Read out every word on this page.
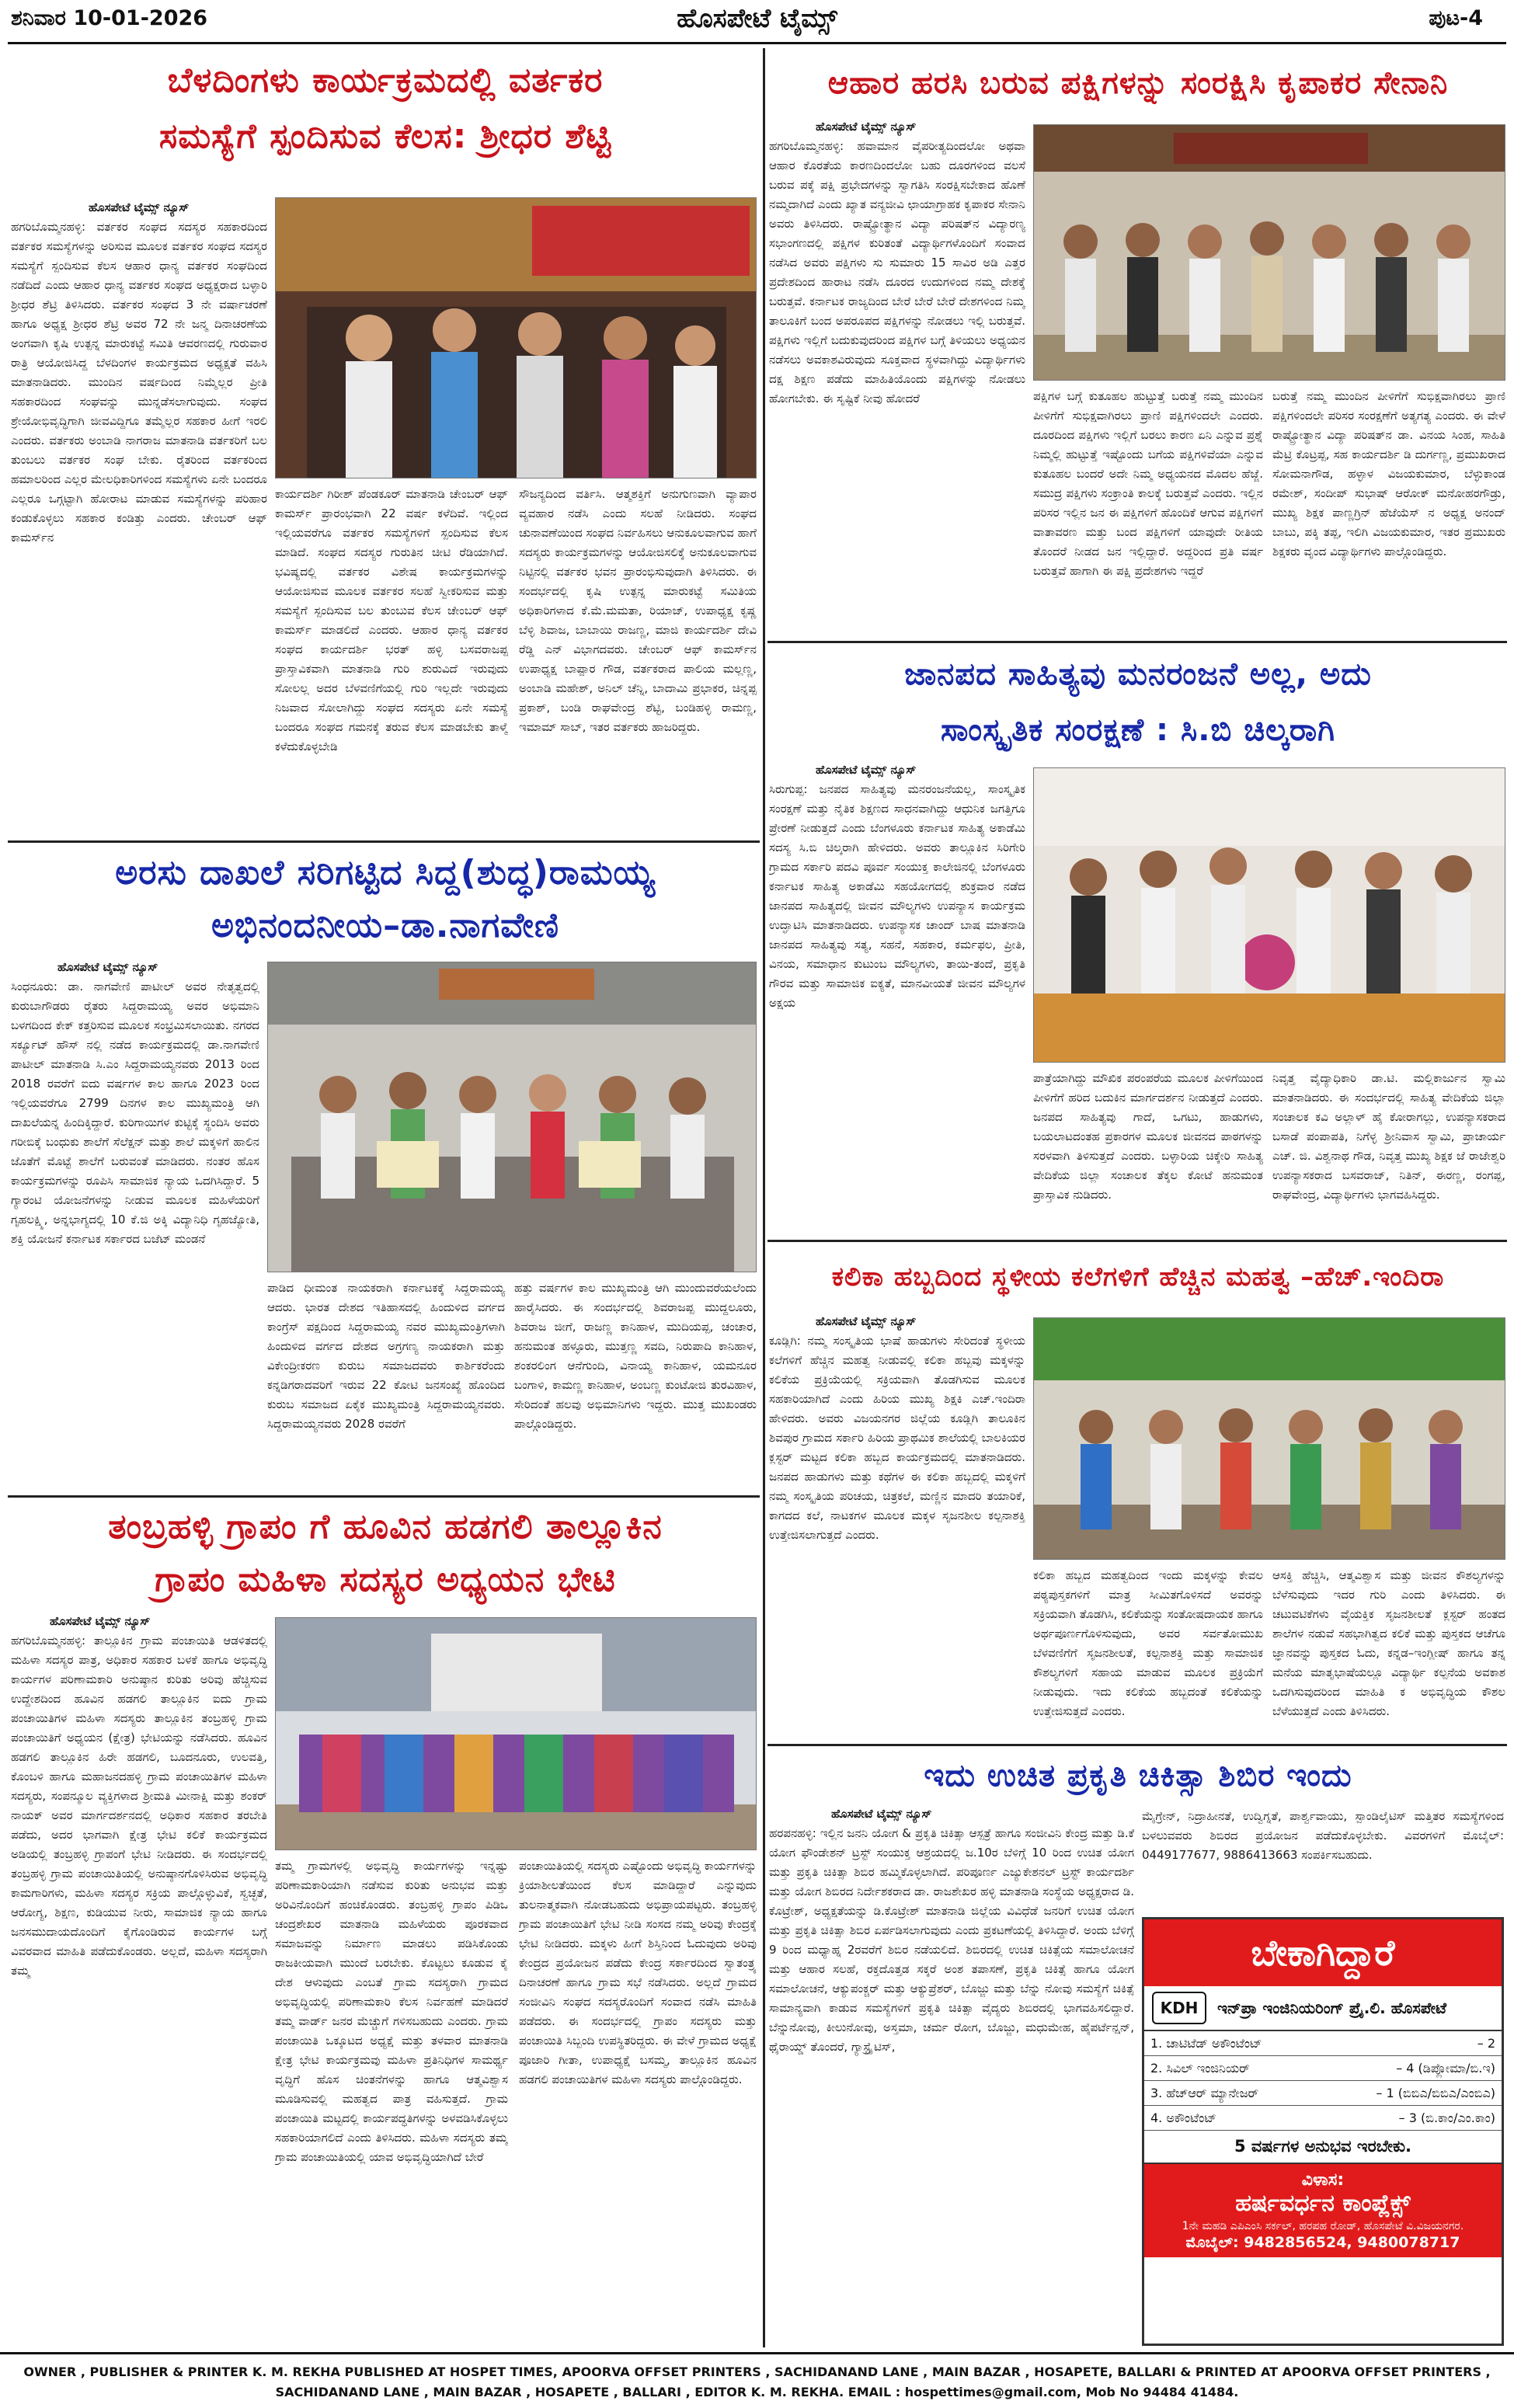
ಶನಿವಾರ 10-01-2026	ಹೊಸಪೇಟೆ ಟೈಮ್ಸ್	ಪುಟ-4
ಬೆಳದಿಂಗಳು ಕಾರ್ಯಕ್ರಮದಲ್ಲಿ ವರ್ತಕರ
ಸಮಸ್ಯೆಗೆ ಸ್ಪಂದಿಸುವ ಕೆಲಸ: ಶ್ರೀಧರ ಶೆಟ್ಟಿ
ಹೊಸಪೇಟೆ ಟೈಮ್ಸ್ ನ್ಯೂಸ್
ಹಗರಿಬೊಮ್ಮನಹಳ್ಳಿ: ವರ್ತಕರ ಸಂಘದ ಸದಸ್ಯರ ಸಹಕಾರದಿಂದ ವರ್ತಕರ ಸಮಸ್ಯೆಗಳನ್ನು ಅರಿಸುವ ಮೂಲಕ ವರ್ತಕರ ಸಂಘದ ಸದಸ್ಯರ ಸಮಸ್ಯೆಗೆ ಸ್ಪಂದಿಸುವ ಕೆಲಸ ಆಹಾರ ಧಾನ್ಯ ವರ್ತಕರ ಸಂಘದಿಂದ ನಡೆದಿದೆ ಎಂದು ಆಹಾರ ಧಾನ್ಯ ವರ್ತಕರ ಸಂಘದ ಅಧ್ಯಕ್ಷರಾದ ಬಳ್ಳಾರಿ ಶ್ರೀಧರ ಶೆಟ್ರಿ ತಿಳಿಸಿದರು. ವರ್ತಕರ ಸಂಘದ 3 ನೇ ವರ್ಷಾಚರಣೆ ಹಾಗೂ ಅಧ್ಯಕ್ಷ ಶ್ರೀಧರ ಶೆಟ್ರಿ ಅವರ 72 ನೇ ಜನ್ಮ ದಿನಾಚರಣೆಯ ಅಂಗವಾಗಿ ಕೃಷಿ ಉತ್ಪನ್ನ ಮಾರುಕಟ್ಟೆ ಸಮಿತಿ ಆವರಣದಲ್ಲಿ ಗುರುವಾರ ರಾತ್ರಿ ಆಯೋಜಿಸಿದ್ದ ಬೆಳದಿಂಗಳ ಕಾರ್ಯಕ್ರಮದ ಅಧ್ಯಕ್ಷತೆ ವಹಿಸಿ ಮಾತನಾಡಿದರು. ಮುಂದಿನ ವರ್ಷದಿಂದ ನಿಮ್ಮೆಲ್ಲರ ಪ್ರೀತಿ ಸಹಕಾರದಿಂದ ಸಂಘವನ್ನು ಮುನ್ನಡೆಸಲಾಗುವುದು. ಸಂಘದ ಶ್ರೇಯೋಭಿವೃದ್ಧಿಗಾಗಿ ಜೀವವಿದ್ದಿಗೂ ತಮ್ಮೆಲ್ಲರ ಸಹಕಾರ ಹೀಗೆ ಇರಲಿ ಎಂದರು. ವರ್ತಕರು ಅಂಬಾಡಿ ನಾಗರಾಜ ಮಾತನಾಡಿ ವರ್ತಕರಿಗೆ ಬಲ ತುಂಬಲು ವರ್ತಕರ ಸಂಘ ಬೇಕು. ರೈತರಿಂದ ವರ್ತಕರಿಂದ ಹಮಾಲರಿಂದ ಎಲ್ಲರ ಮೇಲಧಿಕಾರಿಗಳಿಂದ ಸಮಸ್ಯೆಗಳು ಏನೇ ಬಂದರೂ ಎಲ್ಲರೂ ಒಗ್ಗಟ್ಟಾಗಿ ಹೋರಾಟ ಮಾಡುವ ಸಮಸ್ಯೆಗಳನ್ನು ಪರಿಹಾರ ಕಂಡುಕೊಳ್ಳಲು ಸಹಕಾರ ಕಂಡಿತ್ತು ಎಂದರು. ಚೇಂಬರ್ ಆಫ್ ಕಾಮರ್ಸ್‌ನ
ಕಾರ್ಯದರ್ಶಿ ಗಿರೀಶ್ ಪೆಂಡಕೂರ್ ಮಾತನಾಡಿ ಚೇಂಬರ್ ಆಫ್ ಕಾಮರ್ಸ್ ಪ್ರಾರಂಭವಾಗಿ 22 ವರ್ಷ ಕಳೆದಿವೆ. ಇಲ್ಲಿಂದ ಇಲ್ಲಿಯವರೆಗೂ ವರ್ತಕರ ಸಮಸ್ಯೆಗಳಿಗೆ ಸ್ಪಂದಿಸುವ ಕೆಲಸ ಮಾಡಿದೆ. ಸಂಘದ ಸದಸ್ಯರ ಗುರುತಿನ ಚೀಟಿ ರೆಡಿಯಾಗಿದೆ. ಭವಿಷ್ಯದಲ್ಲಿ ವರ್ತಕರ ವಿಶೇಷ ಕಾರ್ಯಕ್ರಮಗಳನ್ನು ಆಯೋಜಿಸುವ ಮೂಲಕ ವರ್ತಕರ ಸಲಹೆ ಸ್ವೀಕರಿಸುವ ಮತ್ತು ಸಮಸ್ಯೆಗೆ ಸ್ಪಂದಿಸುವ ಬಲ ತುಂಬುವ ಕೆಲಸ ಚೇಂಬರ್ ಆಫ್ ಕಾಮರ್ಸ್ ಮಾಡಲಿದೆ ಎಂದರು. ಆಹಾರ ಧಾನ್ಯ ವರ್ತಕರ ಸಂಘದ ಕಾರ್ಯದರ್ಶಿ ಭರತ್ ಹಳ್ಳಿ ಬಸವರಾಜಪ್ಪ ಪ್ರಾಸ್ತಾವಿಕವಾಗಿ ಮಾತನಾಡಿ ಗುರಿ ಶುರುವಿದೆ ಇರುವುದು ಸೋಲಲ್ಲ ಅದರ ಬೆಳವಣಿಗೆಯಲ್ಲಿ ಗುರಿ ಇಲ್ಲದೇ ಇರುವುದು ನಿಜವಾದ ಸೋಲಾಗಿದ್ದು ಸಂಘದ ಸದಸ್ಯರು ಏನೇ ಸಮಸ್ಯೆ ಬಂದರೂ ಸಂಘದ ಗಮನಕ್ಕೆ ತರುವ ಕೆಲಸ ಮಾಡಬೇಕು ತಾಳ್ಮೆ ಕಳೆದುಕೊಳ್ಳಬೇಡಿ
ಸೌಜನ್ಯದಿಂದ ವರ್ತಿಸಿ. ಆತ್ಮಶಕ್ತಿಗೆ ಅನುಗುಣವಾಗಿ ವ್ಯಾಪಾರ ವ್ಯವಹಾರ ನಡೆಸಿ ಎಂದು ಸಲಹೆ ನೀಡಿದರು. ಸಂಘದ ಚುನಾವಣೆಯಿಂದ ಸಂಘದ ನಿರ್ವಹಿಸಲು ಆನುಕೂಲವಾಗುವ ಹಾಗೆ ಸದಸ್ಯರು ಕಾರ್ಯಕ್ರಮಗಳನ್ನು ಆಯೋಜಿಸಲಿಕ್ಕೆ ಅನುಕೂಲವಾಗುವ ನಿಟ್ಟಿನಲ್ಲಿ ವರ್ತಕರ ಭವನ ಪ್ರಾರಂಭಿಸುವುದಾಗಿ ತಿಳಿಸಿದರು. ಈ ಸಂದರ್ಭದಲ್ಲಿ ಕೃಷಿ ಉತ್ಪನ್ನ ಮಾರುಕಟ್ಟೆ ಸಮಿತಿಯ ಅಧಿಕಾರಿಗಳಾದ ಕೆ.ಮೆ.ಮಮತಾ, ರಿಯಾಜ್, ಉಪಾಧ್ಯಕ್ಷ ಕೃಷ್ಣ ಬೆಳ್ಳಿ ಶಿವಾಜ, ಬಾಬಾಯಿ ರಾಜಣ್ಣ, ಮಾಜಿ ಕಾರ್ಯದರ್ಶಿ ದೇವಿ ರೆಡ್ಡಿ ಎನ್ ವಿಭಾಗದವರು. ಚೇಂಬರ್ ಆಫ್ ಕಾಮರ್ಸ್‌ನ ಉಪಾಧ್ಯಕ್ಷ ಬಾಪ್ಪಾರ ಗೌಡ, ವರ್ತಕರಾದ ಪಾಲಿಯ ಮಲ್ಲಣ್ಣ, ಅಂಬಾಡಿ ಮಹೇಶ್, ಅನಿಲ್ ಚೆನ್ನಿ, ಬಾದಾಮಿ ಪ್ರಭಾಕರ, ಚಿನ್ನಪ್ಪ ಪ್ರಕಾಶ್, ಬಂಡಿ ರಾಘವೇಂದ್ರ ಶೆಟ್ಟಿ, ಬಂಡಿಹಳ್ಳಿ ರಾಮಣ್ಣ, ಇಮಾಮ್ ಸಾಬ್, ಇತರ ವರ್ತಕರು ಹಾಜರಿದ್ದರು.
ಅರಸು ದಾಖಲೆ ಸರಿಗಟ್ಟಿದ ಸಿದ್ದ(ಶುದ್ಧ)ರಾಮಯ್ಯ
ಅಭಿನಂದನೀಯ–ಡಾ.ನಾಗವೇಣಿ
ಹೊಸಪೇಟೆ ಟೈಮ್ಸ್ ನ್ಯೂಸ್
ಸಿಂಧನೂರು: ಡಾ. ನಾಗವೇಣಿ ಪಾಟೀಲ್ ಅವರ ನೇತೃತ್ವದಲ್ಲಿ ಕುರುಬಾಗೌಡರು ರೈತರು ಸಿದ್ದರಾಮಯ್ಯ ಅವರ ಅಭಿಮಾನಿ ಬಳಗದಿಂದ ಕೇಕ್ ಕತ್ತರಿಸುವ ಮೂಲಕ ಸಂಭ್ರಮಿಸಲಾಯಿತು. ನಗರದ ಸರ್ಕ್ಯೂಟ್ ಹೌಸ್ ನಲ್ಲಿ ನಡೆದ ಕಾರ್ಯಕ್ರಮದಲ್ಲಿ ಡಾ.ನಾಗವೇಣಿ ಪಾಟೀಲ್ ಮಾತನಾಡಿ ಸಿ.ಎಂ ಸಿದ್ದರಾಮಯ್ಯನವರು 2013 ರಿಂದ 2018 ರವರೆಗೆ ಐದು ವರ್ಷಗಳ ಕಾಲ ಹಾಗೂ 2023 ರಿಂದ ಇಲ್ಲಿಯವರೆಗೂ 2799 ದಿನಗಳ ಕಾಲ ಮುಖ್ಯಮಂತ್ರಿ ಆಗಿ ದಾಖಲೆಯನ್ನ ಹಿಂದಿಕ್ಕಿದ್ದಾರೆ. ಕುರಿಗಾಯಿಗಳ ಕುಟ್ಟಿಕ್ಕೆ ಸ್ಥಂದಿಸಿ ಅವರು ಗರೀಬಿಕ್ಕೆ ಬಂಧುಕು ಶಾಲೆಗೆ ಸೆಲೆಕ್ಷನ್ ಮತ್ತು ಶಾಲೆ ಮಕ್ಕಳಿಗೆ ಹಾಲಿನ ಜೊತೆಗೆ ಮೊಟ್ಟೆ ಶಾಲೆಗೆ ಬರುವಂತೆ ಮಾಡಿದರು. ನಂತರ ಹೊಸ ಕಾರ್ಯಕ್ರಮಗಳನ್ನು ರೂಪಿಸಿ ಸಾಮಾಜಿಕ ನ್ಯಾಯ ಒದಗಿಸಿದ್ದಾರೆ. 5 ಗ್ಯಾರಂಟಿ ಯೋಜನೆಗಳನ್ನು ನೀಡುವ ಮೂಲಕ ಮಹಿಳೆಯರಿಗೆ ಗೃಹಲಕ್ಷ್ಮಿ, ಅನ್ನಭಾಗ್ಯದಲ್ಲಿ 10 ಕೆ.ಜಿ ಅಕ್ಕಿ ವಿದ್ಯಾನಿಧಿ ಗೃಹಜ್ಯೋತಿ, ಶಕ್ತಿ ಯೋಜನೆ ಕರ್ನಾಟಕ ಸರ್ಕಾರದ ಬಜೆಟ್ ಮಂಡನೆ
ಪಾಡಿದ ಧೀಮಂತ ನಾಯಕರಾಗಿ ಕರ್ನಾಟಕಕ್ಕೆ ಸಿದ್ದರಾಮಯ್ಯ ಆದರು. ಭಾರತ ದೇಶದ ಇತಿಹಾಸದಲ್ಲಿ ಹಿಂದುಳಿದ ವರ್ಗದ ಕಾಂಗ್ರೆಸ್ ಪಕ್ಷದಿಂದ ಸಿದ್ದರಾಮಯ್ಯ ನವರ ಮುಖ್ಯಮಂತ್ರಿಗಳಾಗಿ ಹಿಂದುಳಿದ ವರ್ಗದ ದೇಶದ ಅಗ್ರಗಣ್ಯ ನಾಯಕರಾಗಿ ಮತ್ತು ವಿಕೇಂದ್ರೀಕರಣ ಕುರುಬ ಸಮಾಜದವರು ಕಾರ್ಶಿಕರೆಂದು ಕನ್ನಡಿಗರಾದವರಿಗೆ ಇರುವ 22 ಕೋಟಿ ಜನಸಂಖ್ಯೆ ಹೊಂದಿದ ಕುರುಬ ಸಮಾಜದ ಏಕೈಕ ಮುಖ್ಯಮಂತ್ರಿ ಸಿದ್ದರಾಮಯ್ಯನವರು. ಸಿದ್ದರಾಮಯ್ಯನವರು 2028 ರವರೆಗೆ
ಹತ್ತು ವರ್ಷಗಳ ಕಾಲ ಮುಖ್ಯಮಂತ್ರಿ ಆಗಿ ಮುಂದುವರೆಯಲೆಂದು ಹಾರೈಸಿದರು. ಈ ಸಂದರ್ಭದಲ್ಲಿ ಶಿವರಾಜಪ್ಪ ಮುದ್ದಲೂರು, ಶಿವರಾಜ ಜೀಗೆ, ರಾಜಣ್ಣ ಕಾನಿಹಾಳ, ಮುದಿಯಪ್ಪ, ಚಂಚಾರ, ಹನುಮಂತ ಹಳ್ಳೂರು, ಮುತ್ತಣ್ಣ ಸವದಿ, ನಿರುಪಾದಿ ಕಾನಿಹಾಳ, ಶಂಕರಲಿಂಗ ಆನೆಗುಂದಿ, ವಿನಾಯ್ಯ ಕಾನಿಹಾಳ, ಯಮನೂರ ಬಂಗಾಳಿ, ಕಾಮಣ್ಣ ಕಾನಿಹಾಳ, ಅಂಬಣ್ಣ ಕುಂಟೋಜಿ ತುರವಿಹಾಳ, ಸೇರಿದಂತೆ ಹಲವು ಅಭಿಮಾನಿಗಳು ಇದ್ದರು. ಮುತ್ತ ಮುಖಂಡರು ಪಾಲ್ಗೊಂಡಿದ್ದರು.
ತಂಬ್ರಹಳ್ಳಿ ಗ್ರಾಪಂ ಗೆ ಹೂವಿನ ಹಡಗಲಿ ತಾಲ್ಲೂಕಿನ
ಗ್ರಾಪಂ ಮಹಿಳಾ ಸದಸ್ಯರ ಅಧ್ಯಯನ ಭೇಟಿ
ಹೊಸಪೇಟೆ ಟೈಮ್ಸ್ ನ್ಯೂಸ್
ಹಗರಿಬೊಮ್ಮನಹಳ್ಳಿ: ತಾಲ್ಲೂಕಿನ ಗ್ರಾಮ ಪಂಚಾಯಿತಿ ಆಡಳಿತದಲ್ಲಿ ಮಹಿಳಾ ಸದಸ್ಯರ ಪಾತ್ರ, ಅಧಿಕಾರ ಸಹಕಾರ ಬಳಕೆ ಹಾಗೂ ಅಭಿವೃದ್ಧಿ ಕಾರ್ಯಗಳ ಪರಿಣಾಮಕಾರಿ ಅನುಷ್ಠಾನ ಕುರಿತು ಅರಿವು ಹೆಚ್ಚಿಸುವ ಉದ್ದೇಶದಿಂದ ಹೂವಿನ ಹಡಗಲಿ ತಾಲ್ಲೂಕಿನ ಐದು ಗ್ರಾಮ ಪಂಚಾಯಿತಿಗಳ ಮಹಿಳಾ ಸದಸ್ಯರು ತಾಲ್ಲೂಕಿನ ತಂಬ್ರಹಳ್ಳಿ ಗ್ರಾಮ ಪಂಚಾಯಿತಿಗೆ ಅಧ್ಯಯನ (ಕ್ಷೇತ್ರ) ಭೇಟಿಯನ್ನು ನಡೆಸಿದರು. ಹೂವಿನ ಹಡಗಲಿ ತಾಲ್ಲೂಕಿನ ಹಿರೇ ಹಡಗಲಿ, ಬೂದನೂರು, ಉಲವತ್ತಿ, ಕೊಂಬಳಿ ಹಾಗೂ ಮಹಾಜನದಹಳ್ಳಿ ಗ್ರಾಮ ಪಂಚಾಯಿತಿಗಳ ಮಹಿಳಾ ಸದಸ್ಯರು, ಸಂಪನ್ಮೂಲ ವ್ಯಕ್ತಿಗಳಾದ ಶ್ರೀಮತಿ ಮೀನಾಕ್ಷಿ ಮತ್ತು ಶಂಕರ್ ನಾಯಕ್ ಅವರ ಮಾರ್ಗದರ್ಶನದಲ್ಲಿ ಅಧಿಕಾರ ಸಹಕಾರ ತರಬೇತಿ ಪಡೆದು, ಅದರ ಭಾಗವಾಗಿ ಕ್ಷೇತ್ರ ಭೇಟಿ ಕಲಿಕೆ ಕಾರ್ಯಕ್ರಮದ ಅಡಿಯಲ್ಲಿ ತಂಬ್ರಹಳ್ಳಿ ಗ್ರಾಪಂಗೆ ಭೇಟಿ ನೀಡಿದರು. ಈ ಸಂದರ್ಭದಲ್ಲಿ ತಂಬ್ರಹಳ್ಳಿ ಗ್ರಾಮ ಪಂಚಾಯಿತಿಯಲ್ಲಿ ಅನುಷ್ಠಾನಗೊಳಿಸಿರುವ ಅಭಿವೃದ್ಧಿ ಕಾಮಗಾರಿಗಳು, ಮಹಿಳಾ ಸದಸ್ಯರ ಸಕ್ರಿಯ ಪಾಲ್ಗೊಳ್ಳುವಿಕೆ, ಸ್ವಚ್ಛತೆ, ಆರೋಗ್ಯ, ಶಿಕ್ಷಣ, ಕುಡಿಯುವ ನೀರು, ಸಾಮಾಜಿಕ ನ್ಯಾಯ ಹಾಗೂ ಜನಸಮುದಾಯದೊಂದಿಗೆ ಕೈಗೊಂಡಿರುವ ಕಾರ್ಯಗಳ ಬಗ್ಗೆ ವಿವರವಾದ ಮಾಹಿತಿ ಪಡೆದುಕೊಂಡರು. ಅಲ್ಲದೆ, ಮಹಿಳಾ ಸದಸ್ಯರಾಗಿ ತಮ್ಮ
ತಮ್ಮ ಗ್ರಾಮಗಳಲ್ಲಿ ಅಭಿವೃದ್ಧಿ ಕಾರ್ಯಗಳನ್ನು ಇನ್ನಷ್ಟು ಪರಿಣಾಮಕಾರಿಯಾಗಿ ನಡೆಸುವ ಕುರಿತು ಅನುಭವ ಮತ್ತು ಅರಿವಿನೊಂದಿಗೆ ಹಂಚಿಕೊಂಡರು. ತಂಬ್ರಹಳ್ಳಿ ಗ್ರಾಪಂ ಪಿಡಿಒ ಚಂದ್ರಶೇಖರ ಮಾತನಾಡಿ ಮಹಿಳೆಯರು ಪೂರಕವಾದ ಸಮಾಜವನ್ನು ನಿರ್ಮಾಣ ಮಾಡಲು ಪಡಿಸಿಕೊಂಡು ರಾಜಕೀಯವಾಗಿ ಮುಂದೆ ಬರಬೇಕು. ಕೊಟ್ಟಲು ಕೂಡುವ ಕೈ ದೇಶ ಆಳುವುದು ಎಂಬತೆ ಗ್ರಾಮ ಸದಸ್ಯರಾಗಿ ಗ್ರಾಮದ ಅಭಿವೃದ್ಧಿಯಲ್ಲಿ ಪರಿಣಾಮಕಾರಿ ಕೆಲಸ ನಿರ್ವಹಣೆ ಮಾಡಿದರೆ ತಮ್ಮ ವಾರ್ಡ್ ಜನರ ಮೆಚ್ಚುಗೆ ಗಳಿಸಬಹುದು ಎಂದರು. ಗ್ರಾಮ ಪಂಚಾಯಿತಿ ಒಕ್ಕೂಟದ ಅಧ್ಯಕ್ಷೆ ಮತ್ತು ತಳವಾರ ಮಾತನಾಡಿ ಕ್ಷೇತ್ರ ಭೇಟಿ ಕಾರ್ಯಕ್ರಮವು ಮಹಿಳಾ ಪ್ರತಿನಿಧಿಗಳ ಸಾಮರ್ಥ್ಯ ವೃದ್ಧಿಗೆ ಹೊಸ ಚಿಂತನೆಗಳನ್ನು ಹಾಗೂ ಆತ್ಮವಿಶ್ವಾಸ ಮೂಡಿಸುವಲ್ಲಿ ಮಹತ್ವದ ಪಾತ್ರ ವಹಿಸುತ್ತದೆ. ಗ್ರಾಮ ಪಂಚಾಯಿತಿ ಮಟ್ಟದಲ್ಲಿ ಕಾರ್ಯಪದ್ಧತಿಗಳನ್ನು ಅಳವಡಿಸಿಕೊಳ್ಳಲು ಸಹಕಾರಿಯಾಗಲಿದೆ ಎಂದು ತಿಳಿಸಿದರು. ಮಹಿಳಾ ಸದಸ್ಯರು ತಮ್ಮ ಗ್ರಾಮ ಪಂಚಾಯಿತಿಯಲ್ಲಿ ಯಾವ ಅಭಿವೃದ್ಧಿಯಾಗಿದೆ ಬೇರೆ
ಪಂಚಾಯಿತಿಯಲ್ಲಿ ಸದಸ್ಯರು ಎಷ್ಟೊಂದು ಅಭಿವೃದ್ಧಿ ಕಾರ್ಯಗಳನ್ನು ಕ್ರಿಯಾಶೀಲತೆಯಿಂದ ಕೆಲಸ ಮಾಡಿದ್ದಾರೆ ಎನ್ನುವುದು ತುಲನಾತ್ಮಕವಾಗಿ ನೋಡಬಹುದು ಅಭಿಪ್ರಾಯಪಟ್ಟರು. ತಂಬ್ರಹಳ್ಳಿ ಗ್ರಾಮ ಪಂಚಾಯಿತಿಗೆ ಭೇಟಿ ನೀಡಿ ಸಂಸದ ನಮ್ಮ ಅರಿವು ಕೇಂದ್ರಕ್ಕೆ ಭೇಟಿ ನೀಡಿದರು. ಮಕ್ಕಳು ಹೀಗೆ ಶಿಸ್ತಿನಿಂದ ಓದುವುದು ಅರಿವು ಕೇಂದ್ರದ ಪ್ರಯೋಜನ ಪಡೆದು ಕೇಂದ್ರ ಸರ್ಕಾರದಿಂದ ಸ್ವಾತಂತ್ರ್ಯ ದಿನಾಚರಣೆ ಹಾಗೂ ಗ್ರಾಮ ಸಭೆ ನಡೆಸಿದರು. ಅಲ್ಲದೆ ಗ್ರಾಮದ ಸಂಜೀವಿನಿ ಸಂಘದ ಸದಸ್ಯರೊಂದಿಗೆ ಸಂವಾದ ನಡೆಸಿ ಮಾಹಿತಿ ಪಡೆದರು. ಈ ಸಂದರ್ಭದಲ್ಲಿ ಗ್ರಾಪಂ ಸದಸ್ಯರು ಮತ್ತು ಪಂಚಾಯಿತಿ ಸಿಬ್ಬಂದಿ ಉಪಸ್ಥಿತರಿದ್ದರು. ಈ ವೇಳೆ ಗ್ರಾಮದ ಅಧ್ಯಕ್ಷೆ ಪೂಜಾರಿ ಗೀತಾ, ಉಪಾಧ್ಯಕ್ಷೆ ಬಸಮ್ಮ, ತಾಲ್ಲೂಕಿನ ಹೂವಿನ ಹಡಗಲಿ ಪಂಚಾಯಿತಿಗಳ ಮಹಿಳಾ ಸದಸ್ಯರು ಪಾಲ್ಗೊಂಡಿದ್ದರು.
ಆಹಾರ ಹರಸಿ ಬರುವ ಪಕ್ಷಿಗಳನ್ನು ಸಂರಕ್ಷಿಸಿ ಕೃಪಾಕರ ಸೇನಾನಿ
ಹೊಸಪೇಟೆ ಟೈಮ್ಸ್ ನ್ಯೂಸ್
ಹಗರಿಬೊಮ್ಮನಹಳ್ಳಿ: ಹವಾಮಾನ ವೈಪರೀತ್ಯದಿಂದಲೋ ಅಥವಾ ಆಹಾರ ಕೊರತೆಯ ಕಾರಣದಿಂದಲೋ ಬಹು ದೂರಗಳಿಂದ ವಲಸೆ ಬರುವ ಪಕ್ಕೆ ಪಕ್ಷಿ ಪ್ರಭೇದಗಳನ್ನು ಸ್ವಾಗತಿಸಿ ಸಂರಕ್ಷಿಸಬೇಕಾದ ಹೊಣೆ ನಮ್ಮದಾಗಿದೆ ಎಂದು ಖ್ಯಾತ ವನ್ಯಜೀವಿ ಛಾಯಾಗ್ರಾಹಕ ಕೃಪಾಕರ ಸೇನಾನಿ ಅವರು ತಿಳಿಸಿದರು. ರಾಷ್ಟ್ರೋತ್ಥಾನ ವಿದ್ಯಾ ಪರಿಷತ್‌ನ ವಿದ್ಯಾರಣ್ಯ ಸಭಾಂಗಣದಲ್ಲಿ ಪಕ್ಷಿಗಳ ಕುರಿತಂತೆ ವಿದ್ಯಾರ್ಥಿಗಳೊಂದಿಗೆ ಸಂವಾದ ನಡೆಸಿದ ಅವರು ಪಕ್ಷಿಗಳು ಸು ಸುಮಾರು 15 ಸಾವಿರ ಅಡಿ ಎತ್ತರ ಪ್ರದೇಶದಿಂದ ಹಾರಾಟ ನಡೆಸಿ ದೂರದ ಉದುಗಳಿಂದ ನಮ್ಮ ದೇಶಕ್ಕೆ ಬರುತ್ತವೆ. ಕರ್ನಾಟಕ ರಾಜ್ಯದಿಂದ ಬೇರೆ ಬೇರೆ ಬೇರೆ ದೇಶಗಳಿಂದ ನಿಮ್ಮ ತಾಲೂಕಿಗೆ ಬಂದ ಅಪರೂಪದ ಪಕ್ಷಿಗಳನ್ನು ನೋಡಲು ಇಲ್ಲಿ ಬರುತ್ತವೆ. ಪಕ್ಷಿಗಳು ಇಲ್ಲಿಗೆ ಬದುಕುವುದರಿಂದ ಪಕ್ಷಿಗಳ ಬಗ್ಗೆ ತಿಳಿಯಲು ಅಧ್ಯಯನ ನಡೆಸಲು ಅವಕಾಶವಿರುವುದು ಸೂಕ್ತವಾದ ಸ್ಥಳವಾಗಿದ್ದು ವಿದ್ಯಾರ್ಥಿಗಳು ದಕ್ಷ ಶಿಕ್ಷಣ ಪಡೆದು ಮಾಹಿತಿಯೊಂದು ಪಕ್ಷಿಗಳನ್ನು ನೋಡಲು ಹೋಗಬೇಕು. ಈ ಸೃಷ್ಟಿಕೆ ನೀವು ಹೋದರೆ	ಪಕ್ಷಿಗಳ ಬಗ್ಗೆ ಕುತೂಹಲ ಹುಟ್ಟುತ್ತೆ ಬರುತ್ತೆ ನಮ್ಮ ಮುಂದಿನ ಪೀಳಿಗೆಗೆ ಸುಭಿಕ್ಷವಾಗಿರಲು ಪ್ರಾಣಿ ಪಕ್ಷಿಗಳಿಂದಲೇ ಎಂದರು. ದೂರದಿಂದ ಪಕ್ಷಿಗಳು ಇಲ್ಲಿಗೆ ಬರಲು ಕಾರಣ ಏನಿ ಎನ್ನುವ ಪ್ರಶ್ನೆ ನಿಮ್ಮಲ್ಲಿ ಹುಟ್ಟುತ್ತೆ ಇಷ್ಟೊಂದು ಬಗೆಯ ಪಕ್ಷಿಗಳಿವೆಯಾ ಎನ್ನುವ ಕುತೂಹಲ ಬಂದರೆ ಅದೇ ನಿಮ್ಮ ಅಧ್ಯಯನದ ಮೊದಲ ಹೆಜ್ಜೆ. ಸಮುದ್ರ ಪಕ್ಷಿಗಳು ಸಂಕ್ರಾಂತಿ ಕಾಲಕ್ಕೆ ಬರುತ್ತವೆ ಎಂದರು. ಇಲ್ಲಿನ ಪರಿಸರ ಇಲ್ಲಿನ ಜನ ಈ ಪಕ್ಷಿಗಳಿಗೆ ಹೊಂದಿಕೆ ಆಗುವ ಪಕ್ಷಿಗಳಿಗೆ ವಾತಾವರಣ ಮತ್ತು ಬಂದ ಪಕ್ಷಿಗಳಿಗೆ ಯಾವುದೇ ರೀತಿಯ ತೊಂದರೆ ನೀಡದ ಜನ ಇಲ್ಲಿದ್ದಾರೆ. ಅದ್ದರಿಂದ ಪ್ರತಿ ವರ್ಷ ಬರುತ್ತವೆ ಹಾಗಾಗಿ ಈ ಪಕ್ಷಿ ಪ್ರದೇಶಗಳು ಇದ್ದರೆ
ಬರುತ್ತೆ ನಮ್ಮ ಮುಂದಿನ ಪೀಳಿಗೆಗೆ ಸುಭಿಕ್ಷವಾಗಿರಲು ಪ್ರಾಣಿ ಪಕ್ಷಿಗಳಿಂದಲೇ ಪರಿಸರ ಸಂರಕ್ಷಣೆಗೆ ಅತ್ಯಗತ್ಯ ಎಂದರು. ಈ ವೇಳೆ ರಾಷ್ಟ್ರೋತ್ಥಾನ ವಿದ್ಯಾ ಪರಿಷತ್‌ನ ಡಾ. ವಿನಯ ಸಿಂಹ, ಸಾಹಿತಿ ಮೆಟ್ರಿ ಕೊಟ್ರಪ್ಪ, ಸಹ ಕಾರ್ಯದರ್ಶಿ ಡಿ ದುರ್ಗಣ್ಣ, ಪ್ರಮುಖರಾದ ಸೋಮನಾಗೌಡ, ಹಳ್ಳಾಳ ವಿಜಯಕುಮಾರ, ಬೆಳ್ಳುಕಾಂಡ ರಮೇಶ್, ಸಂದೀಪ್ ಸುಭಾಷ್ ಆರೋಕ್ ಮನೋಹರಗೌಡ್ರು, ಮುಖ್ಯ ಶಿಕ್ಷಕ ಪಾಣ್ಣಗ್ರಿನ್ ಹೆಜೆಯೆಸ್ ನ ಅಧ್ಯಕ್ಷ ಅನಂದ್ ಬಾಬು, ಪಕ್ಕಿ ತಪ್ಪ, ಇಲಿಗಿ ವಿಜಯಕುಮಾರ, ಇತರ ಪ್ರಮುಖರು ಶಿಕ್ಷಕರು ವೃಂದ ವಿದ್ಯಾರ್ಥಿಗಳು ಪಾಲ್ಗೊಂಡಿದ್ದರು.
ಜಾನಪದ ಸಾಹಿತ್ಯವು ಮನರಂಜನೆ ಅಲ್ಲ, ಅದು
ಸಾಂಸ್ಕೃತಿಕ ಸಂರಕ್ಷಣೆ : ಸಿ.ಬಿ ಚಿಲ್ಕರಾಗಿ
ಹೊಸಪೇಟೆ ಟೈಮ್ಸ್ ನ್ಯೂಸ್
ಸಿರುಗುಪ್ಪ: ಜನಪದ ಸಾಹಿತ್ಯವು ಮನರಂಜನೆಯಲ್ಲ, ಸಾಂಸ್ಕೃತಿಕ ಸಂರಕ್ಷಣೆ ಮತ್ತು ನೈತಿಕ ಶಿಕ್ಷಣದ ಸಾಧನವಾಗಿದ್ದು ಆಧುನಿಕ ಜಗತ್ತಿಗೂ ಪ್ರೇರಣೆ ನೀಡುತ್ತದೆ ಎಂದು ಬೆಂಗಳೂರು ಕರ್ನಾಟಕ ಸಾಹಿತ್ಯ ಅಕಾಡೆಮಿ ಸದಸ್ಯ ಸಿ.ಬಿ ಚಿಲ್ಕರಾಗಿ ಹೇಳಿದರು. ಅವರು ತಾಲ್ಲೂಕಿನ ಸಿರಿಗೇರಿ ಗ್ರಾಮದ ಸರ್ಕಾರಿ ಪದವಿ ಪೂರ್ವ ಸಂಯುಕ್ತ ಕಾಲೇಜಿನಲ್ಲಿ ಬೆಂಗಳೂರು ಕರ್ನಾಟಕ ಸಾಹಿತ್ಯ ಅಕಾಡೆಮಿ ಸಹಯೋಗದಲ್ಲಿ ಶುಕ್ರವಾರ ನಡೆದ ಜಾನಪದ ಸಾಹಿತ್ಯದಲ್ಲಿ ಜೀವನ ಮೌಲ್ಯಗಳು ಉಪನ್ಯಾಸ ಕಾರ್ಯಕ್ರಮ ಉದ್ಘಾಟಿಸಿ ಮಾತನಾಡಿದರು. ಉಪನ್ಯಾಸಕ ಚಾಂದ್ ಬಾಷ ಮಾತನಾಡಿ ಜಾನಪದ ಸಾಹಿತ್ಯವು ಸತ್ಯ, ಸಹನೆ, ಸಹಕಾರ, ಕರ್ಮಫಲ, ಪ್ರೀತಿ, ವಿನಯ, ಸಮಾಧಾನ ಕುಟುಂಬ ಮೌಲ್ಯಗಳು, ತಾಯಿ-ತಂದೆ, ಪ್ರಕೃತಿ ಗೌರವ ಮತ್ತು ಸಾಮಾಜಿಕ ಐಕ್ಯತೆ, ಮಾನವೀಯತೆ ಜೀವನ ಮೌಲ್ಯಗಳ ಅಕ್ಷಯ
ಪಾತ್ರೆಯಾಗಿದ್ದು ಮೌಖಿಕ ಪರಂಪರೆಯ ಮೂಲಕ ಪೀಳಿಗೆಯಿಂದ ಪೀಳಿಗೆಗೆ ಹರಿದ ಬದುಕಿನ ಮಾರ್ಗದರ್ಶನ ನೀಡುತ್ತದೆ ಎಂದರು. ಜನಪದ ಸಾಹಿತ್ಯವು ಗಾದೆ, ಒಗಟು, ಹಾಡುಗಳು, ಬಯಲಾಟದಂತಹ ಪ್ರಕಾರಗಳ ಮೂಲಕ ಜೀವನದ ಪಾಠಗಳನ್ನು ಸರಳವಾಗಿ ತಿಳಿಸುತ್ತದೆ ಎಂದರು. ಬಳ್ಳಾರಿಯ ಚಿಕ್ಕೇರಿ ಸಾಹಿತ್ಯ ವೇದಿಕೆಯ ಜಿಲ್ಲಾ ಸಂಚಾಲಕ ತೆಕ್ಕಲ ಕೋಟೆ ಹನುಮಂತ ಪ್ರಾಸ್ತಾವಿಕ ನುಡಿದರು.
ನಿವೃತ್ತ ವೈದ್ಯಾಧಿಕಾರಿ ಡಾ.ಟಿ. ಮಲ್ಲಿಕಾರ್ಜುನ ಸ್ವಾಮಿ ಮಾತನಾಡಿದರು. ಈ ಸಂದರ್ಭದಲ್ಲಿ ಸಾಹಿತ್ಯ ವೇದಿಕೆಯ ಜಿಲ್ಲಾ ಸಂಚಾಲಕ ಕವಿ ಅಲ್ಲಾಳ್ ಹೈ ಕೋರಾಗಲ್ಲು, ಉಪನ್ಯಾಸಕರಾದ ಬಸಾಡೆ ಪಂಪಾಪತಿ, ನಿಗೆಳ್ಳ ಶ್ರೀನಿವಾಸ ಸ್ವಾಮಿ, ಪ್ರಾಚಾರ್ಯ ಎಚ್. ಜಿ. ವಿಶ್ವನಾಥ ಗೌಡ, ನಿವೃತ್ತ ಮುಖ್ಯ ಶಿಕ್ಷಕ ಜೆ ರಾಜೇಶ್ವರಿ ಉಪನ್ಯಾಸಕರಾದ ಬಸವರಾಜ್, ನಿತಿನ್, ಈರಣ್ಣ, ರಂಗಪ್ಪ, ರಾಘವೇಂದ್ರ, ವಿದ್ಯಾರ್ಥಿಗಳು ಭಾಗವಹಿಸಿದ್ದರು.
ಕಲಿಕಾ ಹಬ್ಬದಿಂದ ಸ್ಥಳೀಯ ಕಲೆಗಳಿಗೆ ಹೆಚ್ಚಿನ ಮಹತ್ವ –ಹೆಚ್.ಇಂದಿರಾ
ಹೊಸಪೇಟೆ ಟೈಮ್ಸ್ ನ್ಯೂಸ್
ಕೂಡ್ಲಿಗಿ: ನಮ್ಮ ಸಂಸ್ಕೃತಿಯ ಭಾಷೆ ಹಾಡುಗಳು ಸೇರಿದಂತೆ ಸ್ಥಳೀಯ ಕಲೆಗಳಿಗೆ ಹೆಚ್ಚಿನ ಮಹತ್ವ ನೀಡುವಲ್ಲಿ ಕಲಿಕಾ ಹಬ್ಬವು ಮಕ್ಕಳನ್ನು ಕಲಿಕೆಯ ಪ್ರಕ್ರಿಯೆಯಲ್ಲಿ ಸಕ್ರಿಯವಾಗಿ ತೊಡಗಿಸುವ ಮೂಲಕ ಸಹಕಾರಿಯಾಗಿದೆ ಎಂದು ಹಿರಿಯ ಮುಖ್ಯ ಶಿಕ್ಷಕಿ ಎಚ್.ಇಂದಿರಾ ಹೇಳಿದರು. ಅವರು ವಿಜಯನಗರ ಜಿಲ್ಲೆಯ ಕೂಡ್ಲಿಗಿ ತಾಲೂಕಿನ ಶಿವಪುರ ಗ್ರಾಮದ ಸರ್ಕಾರಿ ಹಿರಿಯ ಪ್ರಾಥಮಿಕ ಶಾಲೆಯಲ್ಲಿ ಬಾಲಕಿಯರ ಕ್ಲಸ್ಟರ್ ಮಟ್ಟದ ಕಲಿಕಾ ಹಬ್ಬದ ಕಾರ್ಯಕ್ರಮದಲ್ಲಿ ಮಾತನಾಡಿದರು. ಜನಪದ ಹಾಡುಗಳು ಮತ್ತು ಕಥೆಗಳ ಈ ಕಲಿಕಾ ಹಬ್ಬದಲ್ಲಿ ಮಕ್ಕಳಿಗೆ ನಮ್ಮ ಸಂಸ್ಕೃತಿಯ ಪರಿಚಯ, ಚಿತ್ರಕಲೆ, ಮಣ್ಣಿನ ಮಾದರಿ ತಯಾರಿಕೆ, ಕಾಗದದ ಕಲೆ, ನಾಟಕಗಳ ಮೂಲಕ ಮಕ್ಕಳ ಸೃಜನಶೀಲ ಕಲ್ಪನಾಶಕ್ತಿ ಉತ್ತೇಜಿಸಲಾಗುತ್ತದೆ ಎಂದರು.
ಕಲಿಕಾ ಹಬ್ಬದ ಮಹತ್ವದಿಂದ ಇಂದು ಮಕ್ಕಳನ್ನು ಕೇವಲ ಪಠ್ಯಪುಸ್ತಕಗಳಿಗೆ ಮಾತ್ರ ಸೀಮಿತಗೊಳಿಸದೆ ಅವರನ್ನು ಸಕ್ರಿಯವಾಗಿ ತೊಡಗಿಸಿ, ಕಲಿಕೆಯನ್ನು ಸಂತೋಷದಾಯಕ ಹಾಗೂ ಅರ್ಥಪೂರ್ಣಗೊಳಿಸುವುದು, ಅವರ ಸರ್ವತೋಮುಖ ಬೆಳವಣಿಗೆಗೆ ಸೃಜನಶೀಲತೆ, ಕಲ್ಪನಾಶಕ್ತಿ ಮತ್ತು ಸಾಮಾಜಿಕ ಕೌಶಲ್ಯಗಳಿಗೆ ಸಹಾಯ ಮಾಡುವ ಮೂಲಕ ಪ್ರಕ್ರಿಯೆಗೆ ನೀಡುವುದು. ಇದು ಕಲಿಕೆಯ ಹಬ್ಬದಂತೆ ಕಲಿಕೆಯನ್ನು ಉತ್ತೇಜಿಸುತ್ತದೆ ಎಂದರು.
ಆಸಕ್ತಿ ಹೆಚ್ಚಿಸಿ, ಆತ್ಮವಿಶ್ವಾಸ ಮತ್ತು ಜೀವನ ಕೌಶಲ್ಯಗಳನ್ನು ಬೆಳೆಸುವುದು ಇದರ ಗುರಿ ಎಂದು ತಿಳಿಸಿದರು. ಈ ಚಟುವಟಿಕೆಗಳು ವೈಯಕ್ತಿಕ ಸೃಜನಶೀಲತೆ ಕ್ಲಸ್ಟರ್ ಹಂತದ ಶಾಲೆಗಳ ನಡುವೆ ಸಹಭಾಗಿತ್ವದ ಕಲಿಕೆ ಮತ್ತು ಪುಸ್ತಕದ ಆಚೆಗೂ ಜ್ಞಾನವನ್ನು ಪುಸ್ತಕದ ಓದು, ಕನ್ನಡ–ಇಂಗ್ಲೀಷ್ ಹಾಗೂ ತನ್ನ ಮನೆಯ ಮಾತೃಭಾಷೆಯಲ್ಲೂ ವಿದ್ಯಾರ್ಥಿ ಕಲ್ಪನೆಯ ಅವಕಾಶ ಒದಗಿಸುವುದರಿಂದ ಮಾಹಿತಿ ಕ ಅಭಿವೃದ್ಧಿಯ ಕೌಶಲ ಬೆಳೆಯುತ್ತದೆ ಎಂದು ತಿಳಿಸಿದರು.
ಇದು ಉಚಿತ ಪ್ರಕೃತಿ ಚಿಕಿತ್ಸಾ ಶಿಬಿರ ಇಂದು
ಹೊಸಪೇಟೆ ಟೈಮ್ಸ್ ನ್ಯೂಸ್
ಹರಪನಹಳ್ಳಿ: ಇಲ್ಲಿನ ಜನನಿ ಯೋಗ & ಪ್ರಕೃತಿ ಚಿಕಿತ್ಸಾ ಆಸ್ಪತ್ರೆ ಹಾಗೂ ಸಂಜೀವಿನಿ ಕೇಂದ್ರ ಮತ್ತು ಡಿ.ಕೆ ಯೋಗ ಫೌಂಡೇಶನ್ ಟ್ರಸ್ಟ್ ಸಂಯುಕ್ತ ಆಶ್ರಯದಲ್ಲಿ ಜ.10ರ ಬೆಳಿಗ್ಗೆ 10 ರಿಂದ ಉಚಿತ ಯೋಗ ಮತ್ತು ಪ್ರಕೃತಿ ಚಿಕಿತ್ಸಾ ಶಿಬಿರ ಹಮ್ಮಿಕೊಳ್ಳಲಾಗಿದೆ. ಪರಿಪೂರ್ಣ ಎಜ್ಯುಕೇಶನಲ್ ಟ್ರಸ್ಟ್ ಕಾರ್ಯದರ್ಶಿ ಮತ್ತು ಯೋಗ ಶಿಬಿರದ ನಿರ್ದೇಶಕರಾದ ಡಾ. ರಾಜಶೇಖರ ಹಳ್ಳಿ ಮಾತನಾಡಿ ಸಂಸ್ಥೆಯ ಅಧ್ಯಕ್ಷರಾದ ಡಿ. ಕೊಟ್ರೇಶ್, ಅಧ್ಯಕ್ಷತೆಯನ್ನು ಡಿ.ಕೊಟ್ರೇಶ್ ಮಾತನಾಡಿ ಜಿಲ್ಲೆಯ ವಿವಿಧೆಡೆ ಜನರಿಗೆ ಉಚಿತ ಯೋಗ ಮತ್ತು ಪ್ರಕೃತಿ ಚಿಕಿತ್ಸಾ ಶಿಬಿರ ಏರ್ಪಡಿಸಲಾಗುವುದು ಎಂದು ಪ್ರಕಟಣೆಯಲ್ಲಿ ತಿಳಿಸಿದ್ದಾರೆ. ಅಂದು ಬೆಳಿಗ್ಗೆ 9 ರಿಂದ ಮಧ್ಯಾಹ್ನ 2ರವರೆಗೆ ಶಿಬಿರ ನಡೆಯಲಿದೆ. ಶಿಬಿರದಲ್ಲಿ ಉಚಿತ ಚಿಕಿತ್ಸೆಯ ಸಮಾಲೋಚನೆ ಮತ್ತು ಆಹಾರ ಸಲಹೆ, ರಕ್ತದೊತ್ತಡ ಸಕ್ಕರೆ ಅಂಶ ತಪಾಸಣೆ, ಪ್ರಕೃತಿ ಚಿಕಿತ್ಸೆ ಹಾಗೂ ಯೋಗ ಸಮಾಲೋಚನೆ, ಆಕ್ಯುಪಂಕ್ಚರ್ ಮತ್ತು ಆಕ್ಯುಪ್ರೆಶರ್, ಬೊಜ್ಜು ಮತ್ತು ಬೆನ್ನು ನೋವು ಸಮಸ್ಯೆಗೆ ಚಿಕಿತ್ಸೆ ಸಾಮಾನ್ಯವಾಗಿ ಕಾಡುವ ಸಮಸ್ಯೆಗಳಿಗೆ ಪ್ರಕೃತಿ ಚಿಕಿತ್ಸಾ ವೈದ್ಯರು ಶಿಬಿರದಲ್ಲಿ ಭಾಗವಹಿಸಲಿದ್ದಾರೆ. ಬೆನ್ನುನೋವು, ಕೀಲುನೋವು, ಅಸ್ತಮಾ, ಚರ್ಮ ರೋಗ, ಬೊಜ್ಜು, ಮಧುಮೇಹ, ಹೈಪರ್ಟೆನ್ಷನ್, ಥೈರಾಯ್ಡ್ ತೊಂದರೆ, ಗ್ಯಾಸ್ಟ್ರೈಟಿಸ್,
ಮೈಗ್ರೇನ್, ನಿದ್ರಾಹೀನತೆ, ಉದ್ವಿಗ್ನತೆ, ಪಾರ್ಶ್ವವಾಯು, ಸ್ಪಾಂಡಿಲೈಟಿಸ್ ಮತ್ತಿತರ ಸಮಸ್ಯೆಗಳಿಂದ ಬಳಲುವವರು ಶಿಬಿರದ ಪ್ರಯೋಜನ ಪಡೆದುಕೊಳ್ಳಬೇಕು. ವಿವರಗಳಿಗೆ ಮೊಬೈಲ್: 0449177677, 9886413663 ಸಂಪರ್ಕಿಸಬಹುದು.
ಬೇಕಾಗಿದ್ದಾರೆ
KDH	ಇನ್‌ಪ್ರಾ ಇಂಜಿನಿಯರಿಂಗ್ ಪ್ರೈ.ಲಿ. ಹೊಸಪೇಟೆ
1. ಚಾಟಿಟೆಡ್ ಅಕೌಂಟೆಂಟ್	– 2
2. ಸಿವಿಲ್ ಇಂಜಿನಿಯರ್	– 4 (ಡಿಪ್ಲೋಮಾ/ಬಿ.ಇ)
3. ಹೆಚ್‌ಆರ್ ಮ್ಯಾನೇಜರ್	– 1 (ಬಿಬಿಎ/ಬಿಬಿಎ/ಎಂಬಿಎ)
4. ಅಕೌಂಟೆಂಟ್	– 3 (ಬಿ.ಕಾಂ/ಎಂ.ಕಾಂ)
5 ವರ್ಷಗಳ ಅನುಭವ ಇರಬೇಕು.
ವಿಳಾಸ:
ಹರ್ಷವರ್ಧನ ಕಾಂಪ್ಲೆಕ್ಸ್
1ನೇ ಮಹಡಿ ಎಪಿಎಂಸಿ ಸರ್ಕಲ್, ಹರಪಹ ರೋಡ್, ಹೊಸಪೇಟೆ ವಿ.ವಿಜಯನಗರ.
ಮೊಬೈಲ್: 9482856524, 9480078717
OWNER , PUBLISHER & PRINTER K. M. REKHA PUBLISHED AT HOSPET TIMES, APOORVA OFFSET PRINTERS , SACHIDANAND LANE , MAIN BAZAR , HOSAPETE, BALLARI & PRINTED AT APOORVA OFFSET PRINTERS ,
SACHIDANAND LANE , MAIN BAZAR , HOSAPETE , BALLARI , EDITOR K. M. REKHA. EMAIL : hospettimes@gmail.com, Mob No 94484 41484.
